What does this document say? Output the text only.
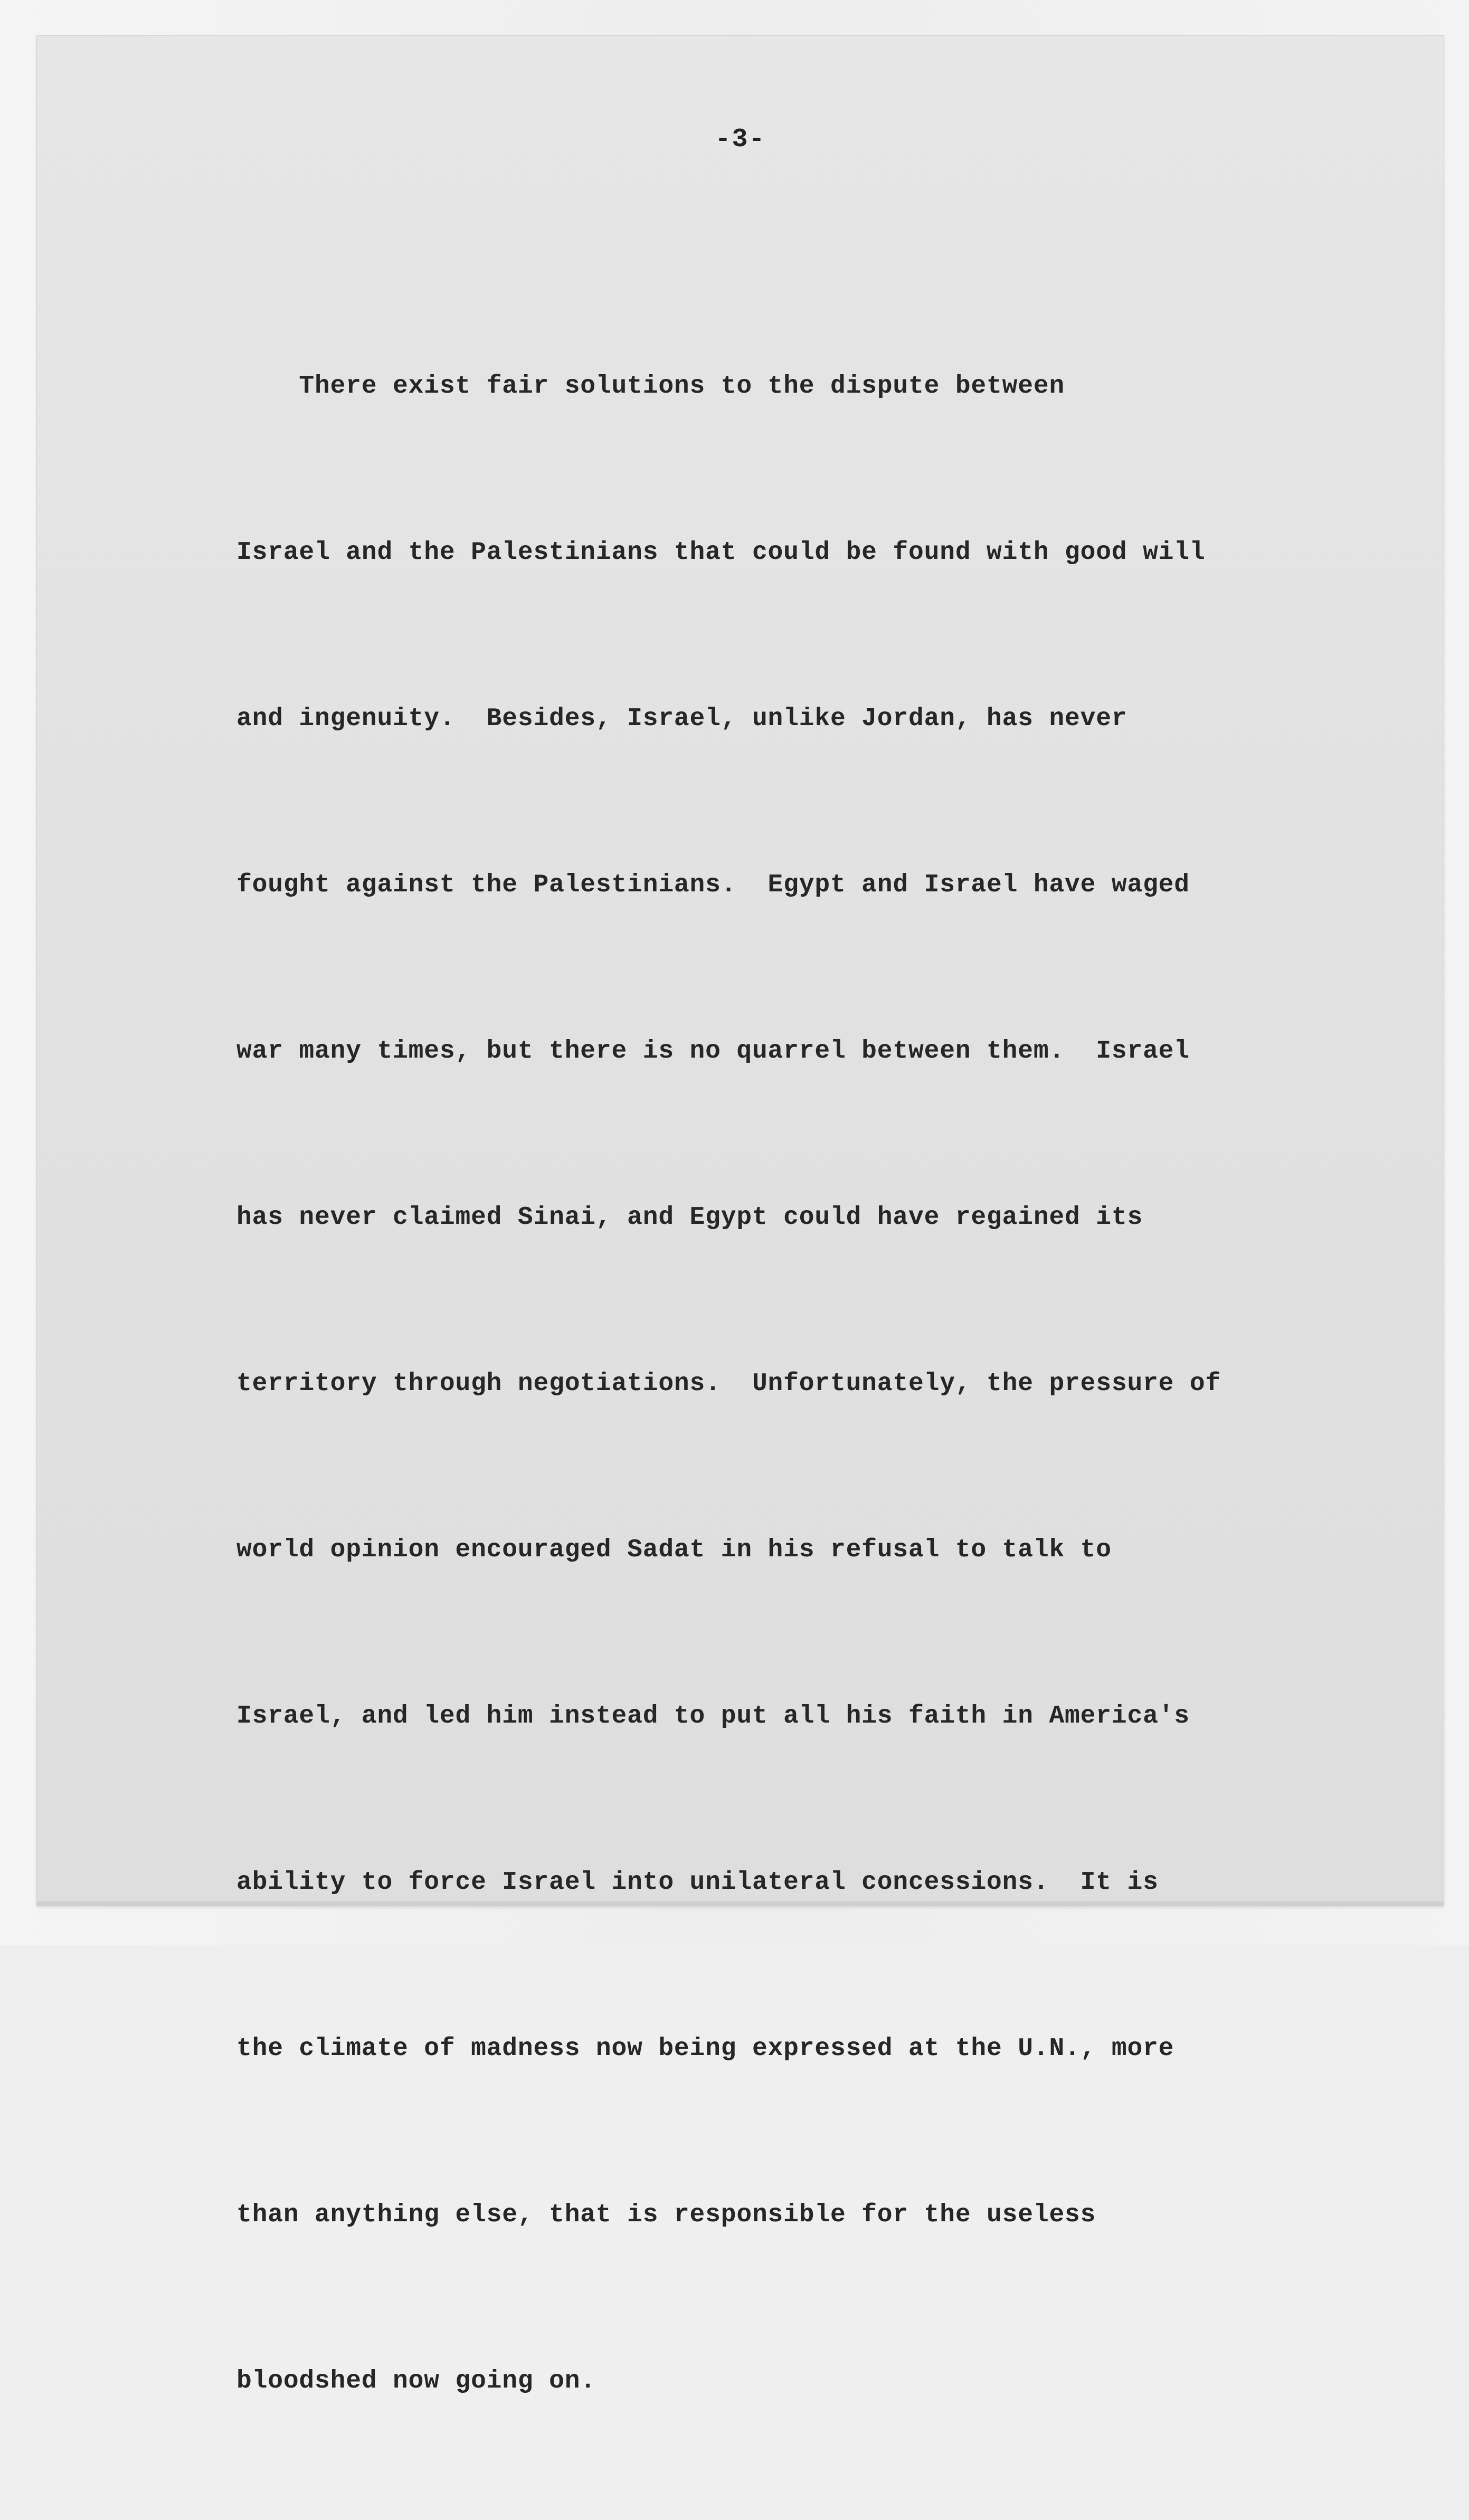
-3-

There exist fair solutions to the dispute between

Israel and the Palestinians that could be found with good will

and ingenuity.  Besides, Israel, unlike Jordan, has never

fought against the Palestinians.  Egypt and Israel have waged

war many times, but there is no quarrel between them.  Israel

has never claimed Sinai, and Egypt could have regained its

territory through negotiations.  Unfortunately, the pressure of

world opinion encouraged Sadat in his refusal to talk to

Israel, and led him instead to put all his faith in America's

ability to force Israel into unilateral concessions.  It is

the climate of madness now being expressed at the U.N., more

than anything else, that is responsible for the useless

bloodshed now going on.
